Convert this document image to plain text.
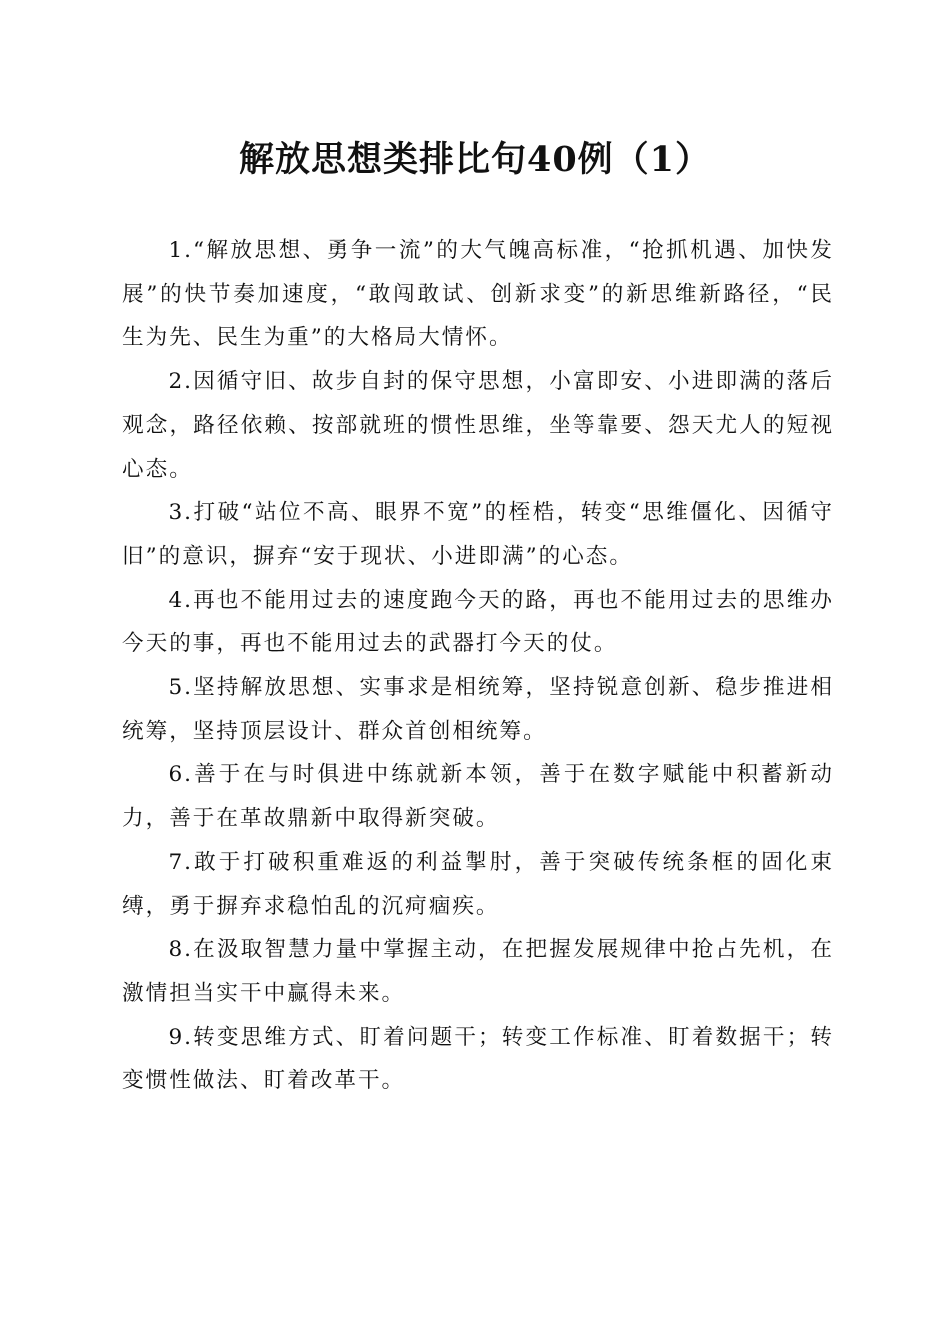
解放思想类排比句40例（1）

1.“解放思想、勇争一流”的大气魄高标准，“抢抓机遇、加快发展”的快节奏加速度，“敢闯敢试、创新求变”的新思维新路径，“民生为先、民生为重”的大格局大情怀。

2.因循守旧、故步自封的保守思想，小富即安、小进即满的落后观念，路径依赖、按部就班的惯性思维，坐等靠要、怨天尤人的短视心态。

3.打破“站位不高、眼界不宽”的桎梏，转变“思维僵化、因循守旧”的意识，摒弃“安于现状、小进即满”的心态。

4.再也不能用过去的速度跑今天的路，再也不能用过去的思维办今天的事，再也不能用过去的武器打今天的仗。

5.坚持解放思想、实事求是相统筹，坚持锐意创新、稳步推进相统筹，坚持顶层设计、群众首创相统筹。

6.善于在与时俱进中练就新本领，善于在数字赋能中积蓄新动力，善于在革故鼎新中取得新突破。

7.敢于打破积重难返的利益掣肘，善于突破传统条框的固化束缚，勇于摒弃求稳怕乱的沉疴痼疾。

8.在汲取智慧力量中掌握主动，在把握发展规律中抢占先机，在激情担当实干中赢得未来。

9.转变思维方式、盯着问题干；转变工作标准、盯着数据干；转变惯性做法、盯着改革干。
